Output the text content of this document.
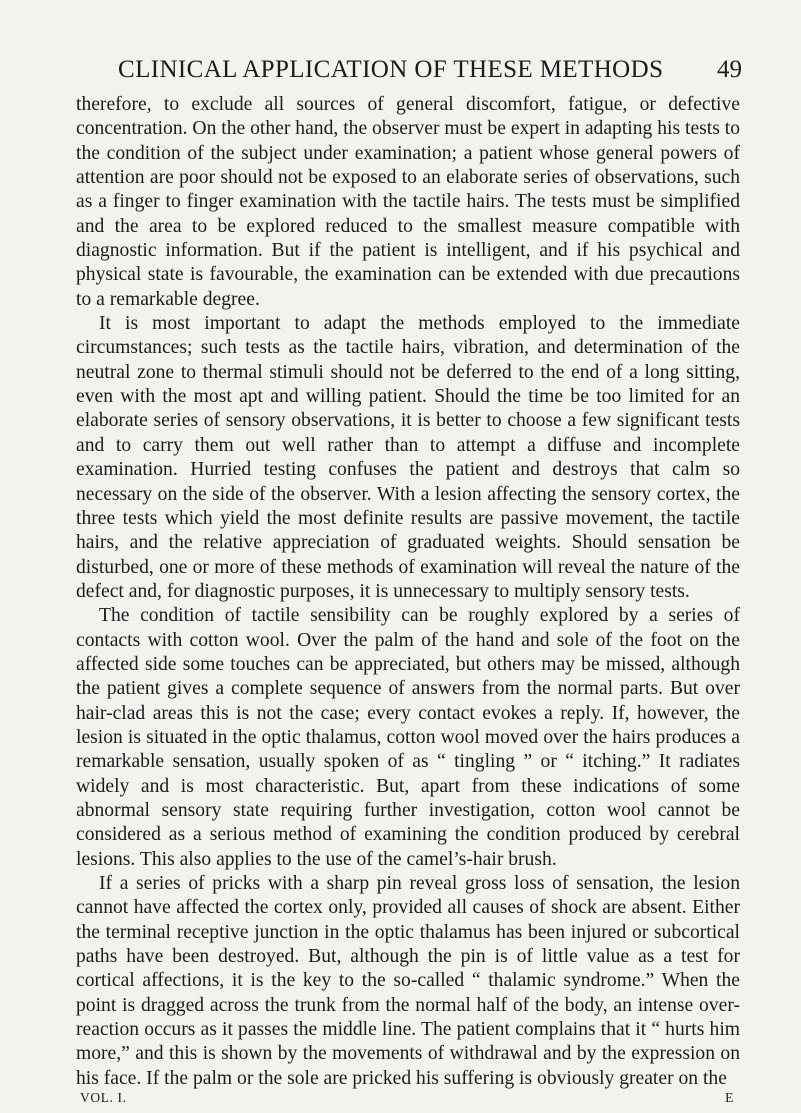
CLINICAL APPLICATION OF THESE METHODS 49

therefore, to exclude all sources of general discomfort, fatigue, or defective concentration. On the other hand, the observer must be expert in adapting his tests to the condition of the subject under examination; a patient whose general powers of attention are poor should not be exposed to an elaborate series of observations, such as a finger to finger examination with the tactile hairs. The tests must be simplified and the area to be explored reduced to the smallest measure compatible with diagnostic information. But if the patient is intelligent, and if his psychical and physical state is favourable, the examination can be extended with due precautions to a remarkable degree.

It is most important to adapt the methods employed to the immediate circumstances; such tests as the tactile hairs, vibration, and determination of the neutral zone to thermal stimuli should not be deferred to the end of a long sitting, even with the most apt and willing patient. Should the time be too limited for an elaborate series of sensory observations, it is better to choose a few significant tests and to carry them out well rather than to attempt a diffuse and incomplete examination. Hurried testing confuses the patient and destroys that calm so necessary on the side of the observer. With a lesion affecting the sensory cortex, the three tests which yield the most definite results are passive movement, the tactile hairs, and the relative appreciation of graduated weights. Should sensation be disturbed, one or more of these methods of examination will reveal the nature of the defect and, for diagnostic purposes, it is unnecessary to multiply sensory tests.

The condition of tactile sensibility can be roughly explored by a series of contacts with cotton wool. Over the palm of the hand and sole of the foot on the affected side some touches can be appreciated, but others may be missed, although the patient gives a complete sequence of answers from the normal parts. But over hair-clad areas this is not the case; every contact evokes a reply. If, however, the lesion is situated in the optic thalamus, cotton wool moved over the hairs produces a remarkable sensation, usually spoken of as “ tingling ” or “ itching.” It radiates widely and is most characteristic. But, apart from these indications of some abnormal sensory state requiring further investigation, cotton wool cannot be considered as a serious method of examining the condition produced by cerebral lesions. This also applies to the use of the camel’s-hair brush.

If a series of pricks with a sharp pin reveal gross loss of sensation, the lesion cannot have affected the cortex only, provided all causes of shock are absent. Either the terminal receptive junction in the optic thalamus has been injured or subcortical paths have been destroyed. But, although the pin is of little value as a test for cortical affections, it is the key to the so-called “ thalamic syndrome.” When the point is dragged across the trunk from the normal half of the body, an intense over-reaction occurs as it passes the middle line. The patient complains that it “ hurts him more,” and this is shown by the movements of withdrawal and by the expression on his face. If the palm or the sole are pricked his suffering is obviously greater on the

VOL. I.	E
